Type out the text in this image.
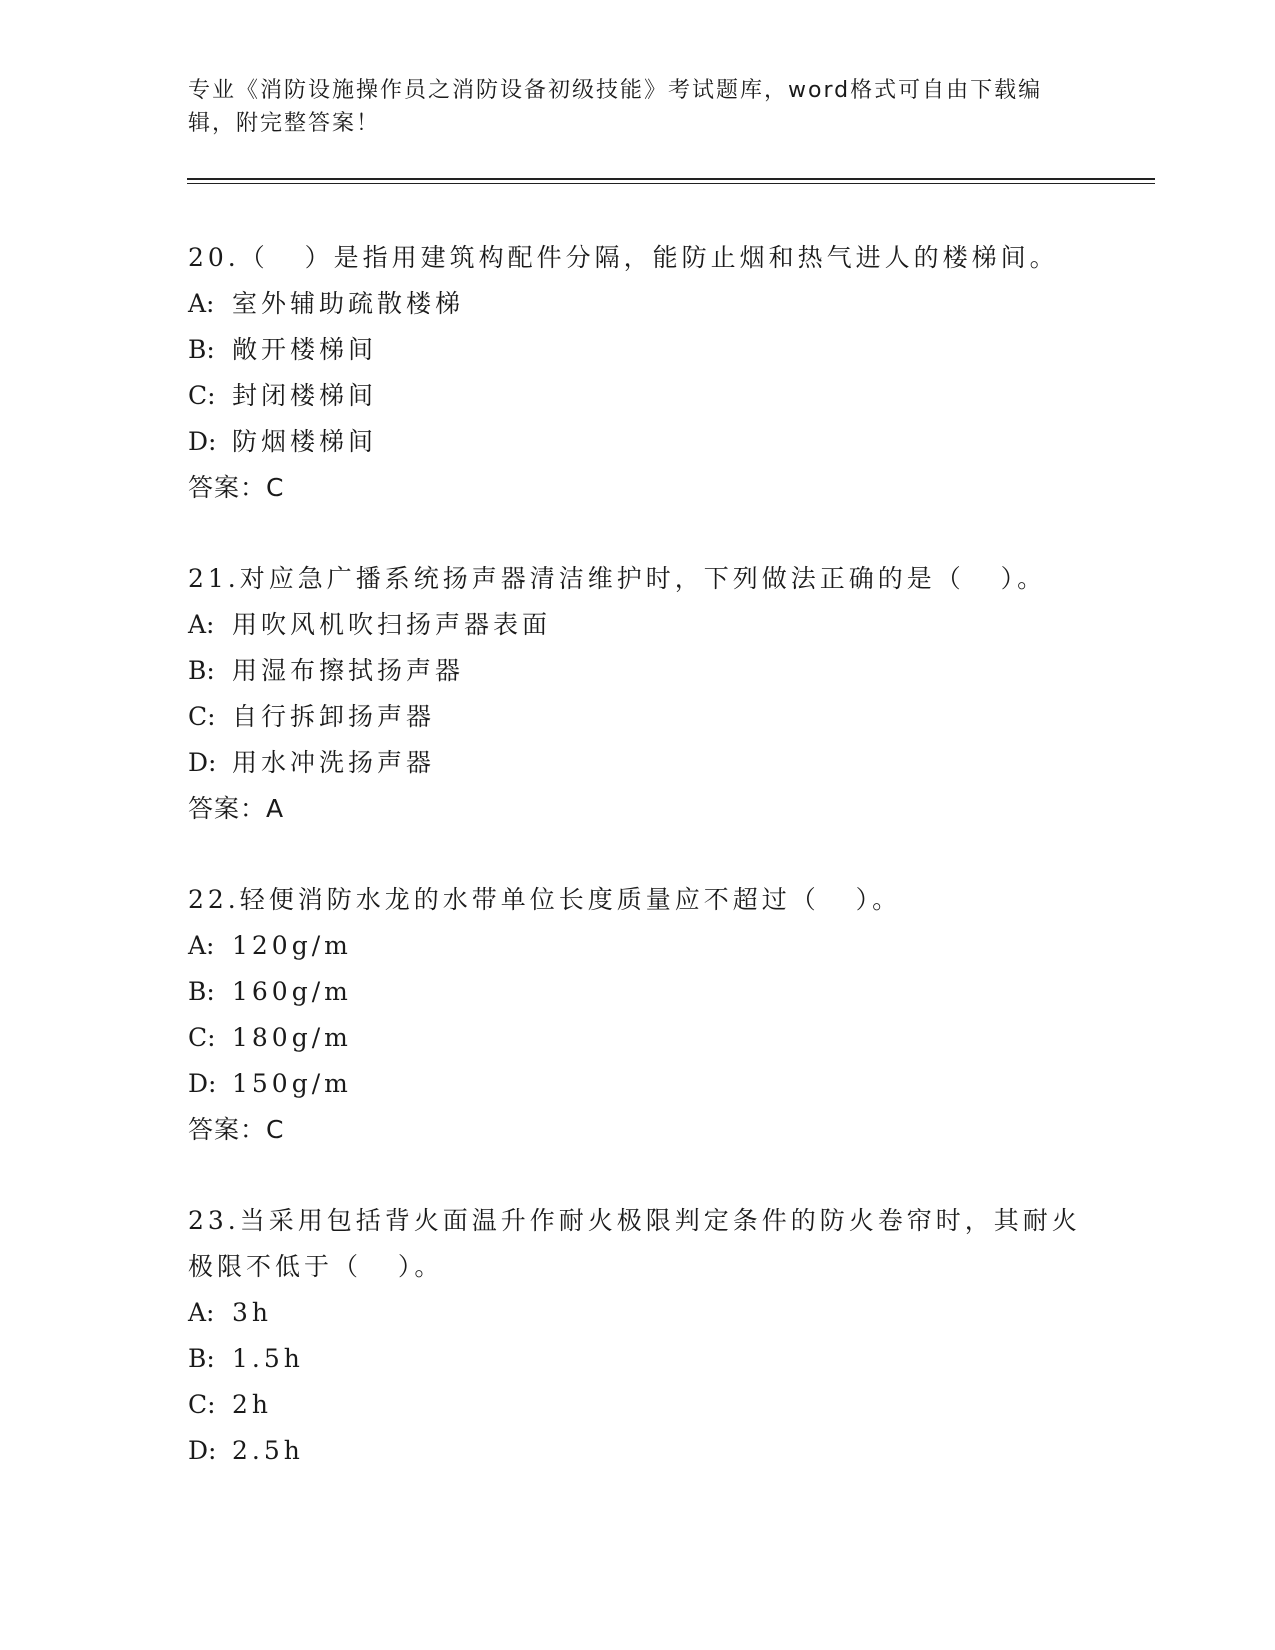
专业《消防设施操作员之消防设备初级技能》考试题库，word格式可自由下载编
辑，附完整答案！
20.（   ）是指用建筑构配件分隔，能防止烟和热气进人的楼梯间。
A: 室外辅助疏散楼梯
B: 敞开楼梯间
C: 封闭楼梯间
D: 防烟楼梯间
答案：C
21.对应急广播系统扬声器清洁维护时，下列做法正确的是（   ）。
A: 用吹风机吹扫扬声器表面
B: 用湿布擦拭扬声器
C: 自行拆卸扬声器
D: 用水冲洗扬声器
答案：A
22.轻便消防水龙的水带单位长度质量应不超过（   ）。
A: 120g/m
B: 160g/m
C: 180g/m
D: 150g/m
答案：C
23.当采用包括背火面温升作耐火极限判定条件的防火卷帘时，其耐火
极限不低于（   ）。
A: 3h
B: 1.5h
C: 2h
D: 2.5h
